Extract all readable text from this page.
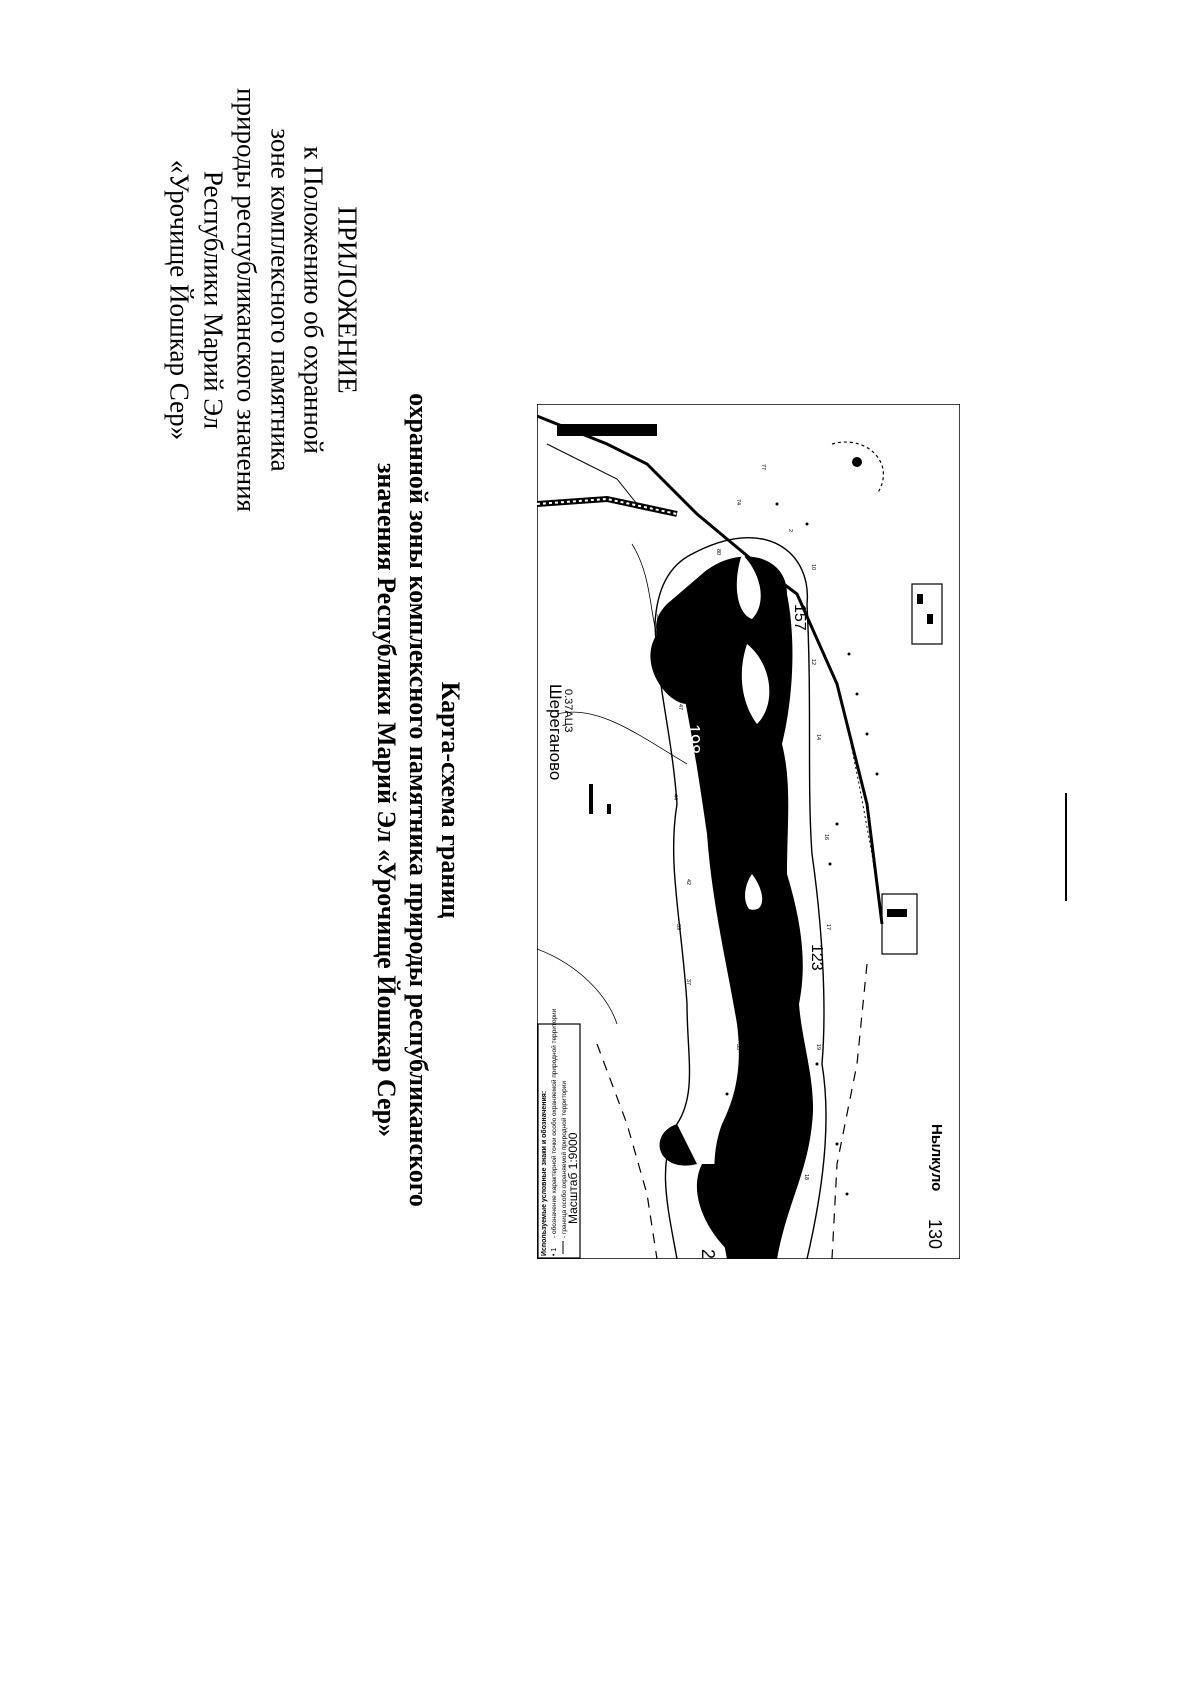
ПРИЛОЖЕНИЕ
к Положению об охранной
зоне комплексного памятника
природы республиканского значения
Республики Марий Эл
«Урочище Йошкар Сер»
Карта-схема границ
охранной зоны комплексного памятника природы республиканского
значения Республики Марий Эл «Урочище Йошкар Сер»
Используемые условные знаки и обозначения: • 1
- обозначение характерной точки особо охраняемой природной территории - граница особо охраняемой природной территории
Масштаб 1:9000
Шереганово
0.37АЦЗ
Нылкуло
198
157
123
130
2
55
51
47
44
42
39
37
33
63
65
21
19
17
16
14
12
10
2
77
74
80
62
61
59
58
18
